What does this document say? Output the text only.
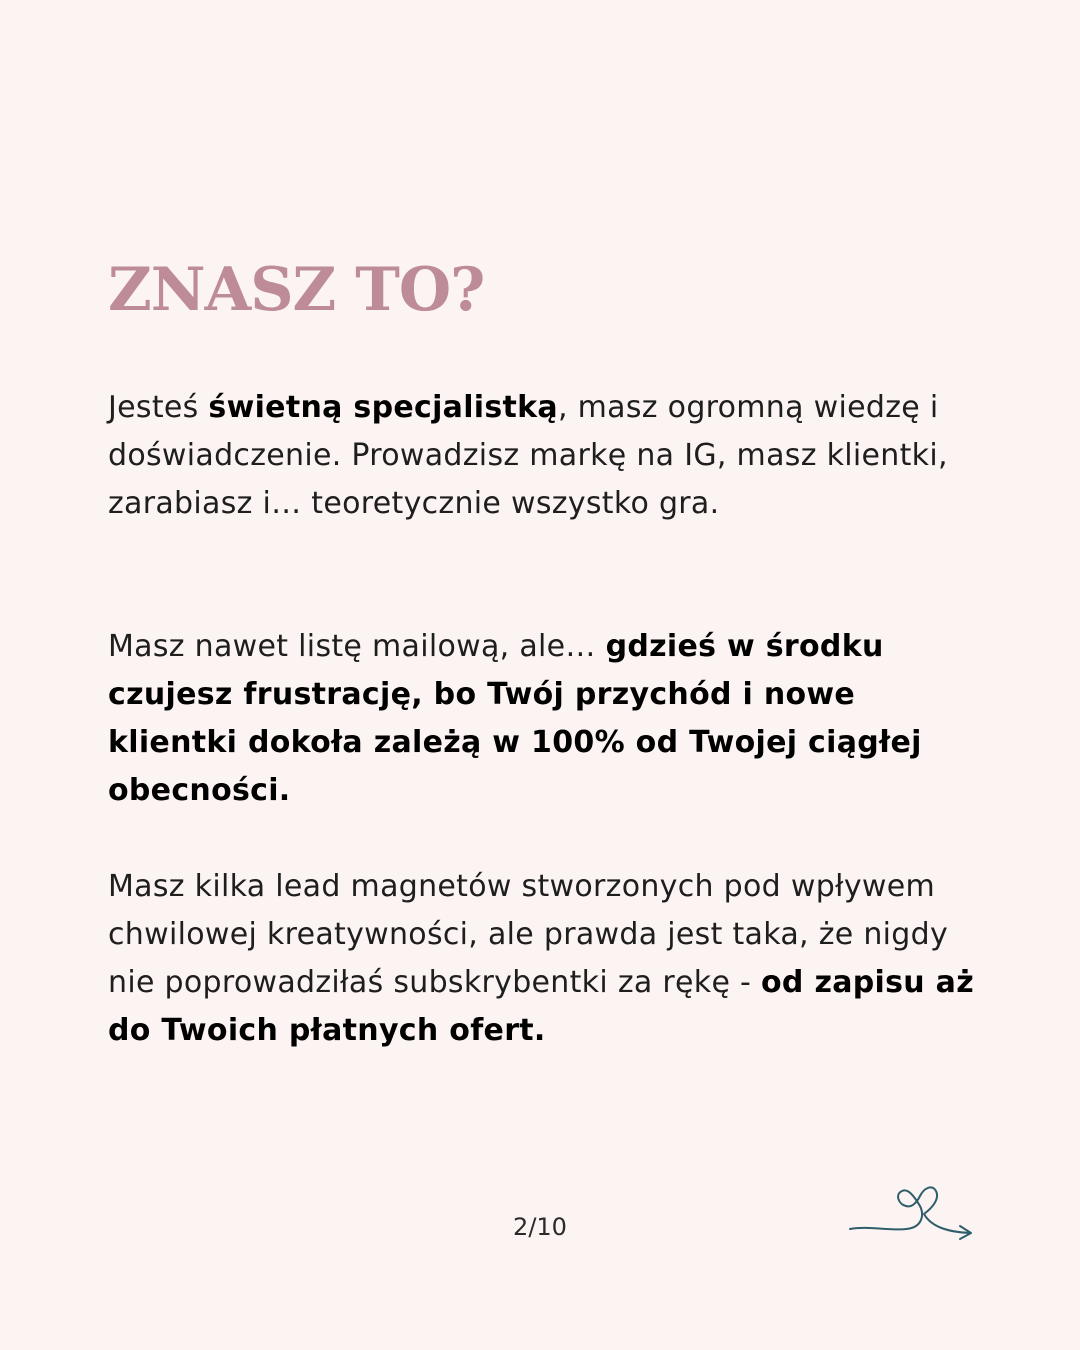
ZNASZ TO?

Jesteś świetną specjalistką, masz ogromną wiedzę i doświadczenie. Prowadzisz markę na IG, masz klientki, zarabiasz i… teoretycznie wszystko gra.

Masz nawet listę mailową, ale… gdzieś w środku czujesz frustrację, bo Twój przychód i nowe klientki dokoła zależą w 100% od Twojej ciągłej obecności.

Masz kilka lead magnetów stworzonych pod wpływem chwilowej kreatywności, ale prawda jest taka, że nigdy nie poprowadziłaś subskrybentki za rękę - od zapisu aż do Twoich płatnych ofert.

2/10
